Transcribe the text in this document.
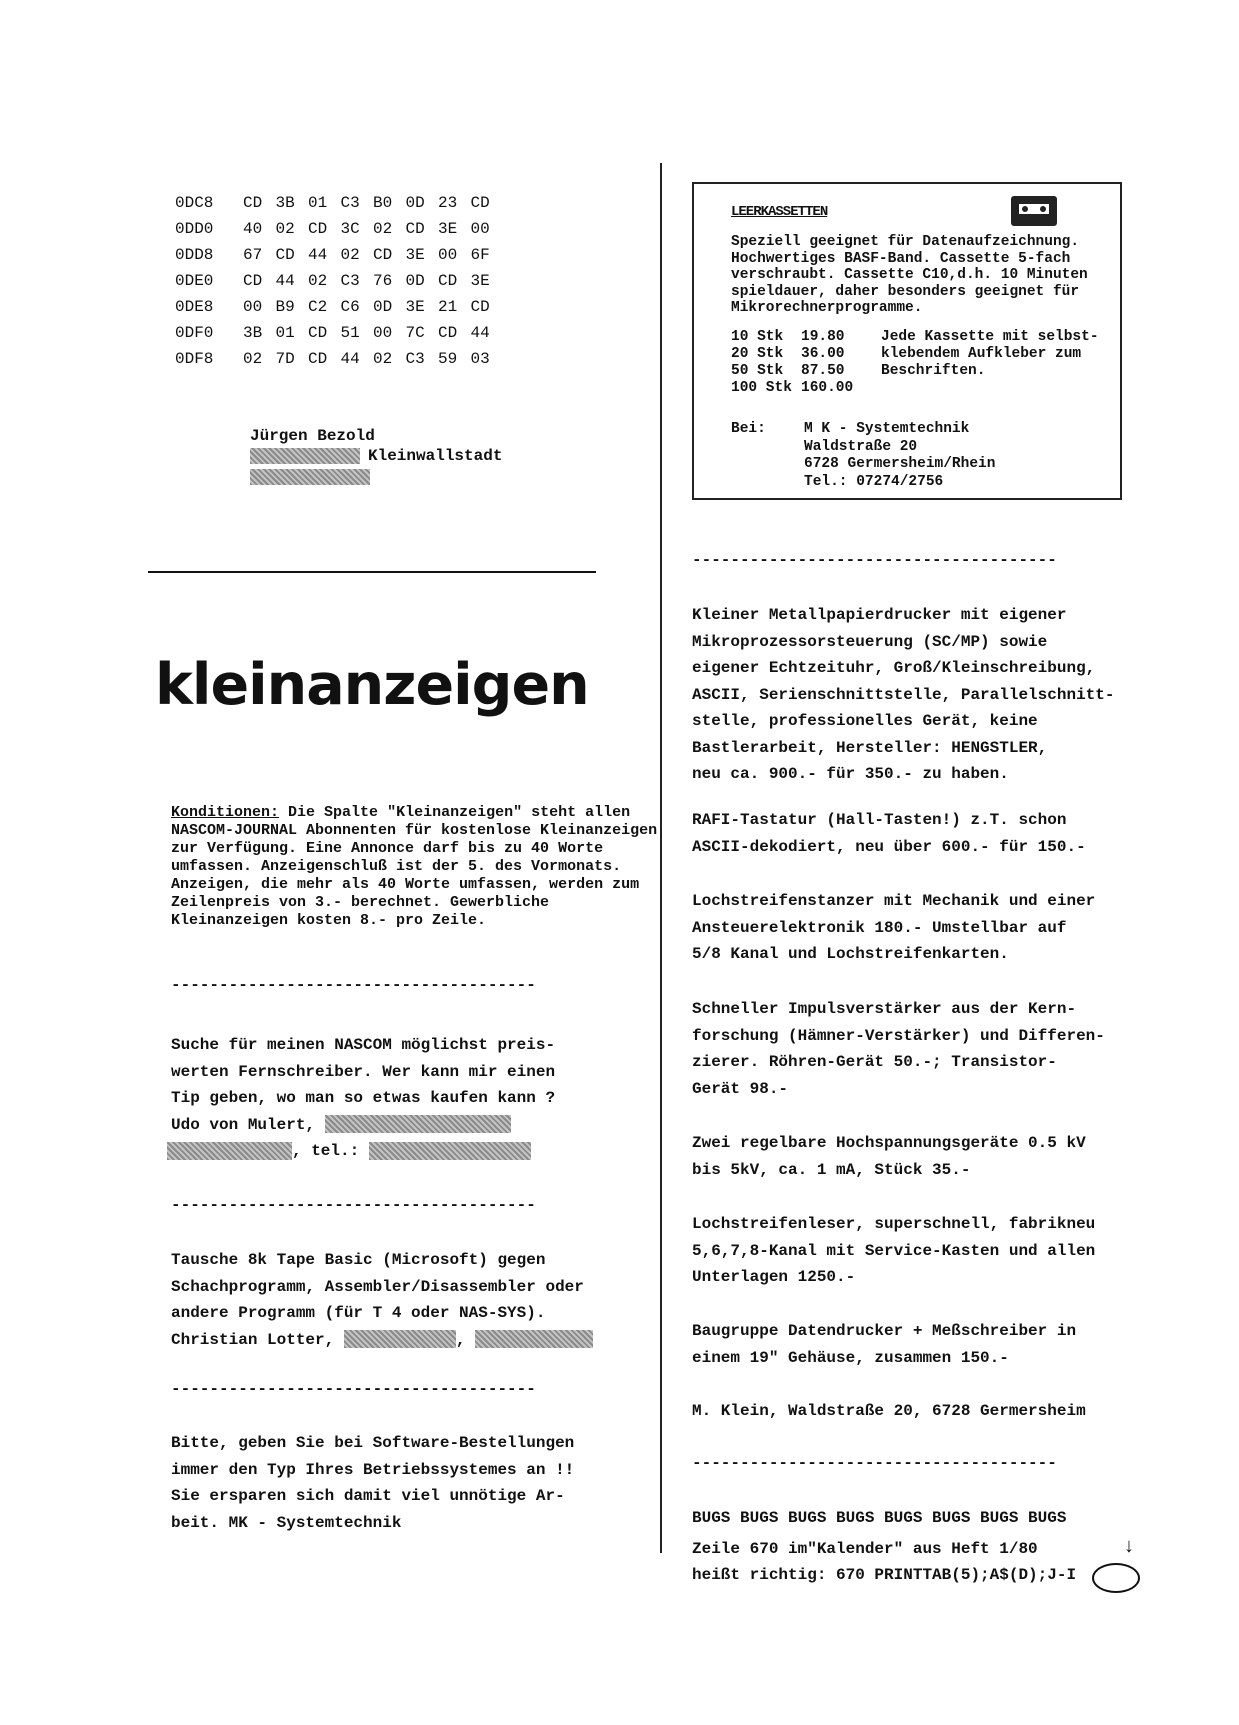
0DC8	CD 3B 01 C3 B0 0D 23 CD
0DD0	40 02 CD 3C 02 CD 3E 00
0DD8	67 CD 44 02 CD 3E 00 6F
0DE0	CD 44 02 C3 76 0D CD 3E
0DE8	00 B9 C2 C6 0D 3E 21 CD
0DF0	3B 01 CD 51 00 7C CD 44
0DF8	02 7D CD 44 02 C3 59 03
Jürgen Bezold
Kleinwallstadt
kleinanzeigen
Konditionen: Die Spalte "Kleinanzeigen" steht allen NASCOM-JOURNAL Abonnenten für kostenlose Kleinanzeigen zur Verfügung. Eine Annonce darf bis zu 40 Worte umfassen. Anzeigenschluß ist der 5. des Vormonats. Anzeigen, die mehr als 40 Worte umfassen, werden zum Zeilenpreis von 3.- berechnet. Gewerbliche Kleinanzeigen kosten 8.- pro Zeile.
--------------------------------------
Suche für meinen NASCOM möglichst preis-
werten Fernschreiber. Wer kann mir einen
Tip geben, wo man so etwas kaufen kann ?
Udo von Mulert,
, tel.:
--------------------------------------
Tausche 8k Tape Basic (Microsoft) gegen
Schachprogramm, Assembler/Disassembler oder
andere Programm (für T 4 oder NAS-SYS).
Christian Lotter,	,
--------------------------------------
Bitte, geben Sie bei Software-Bestellungen
immer den Typ Ihres Betriebssystemes an !!
Sie ersparen sich damit viel unnötige Ar-
beit. MK - Systemtechnik
LEERKASSETTEN
Speziell geeignet für Datenaufzeichnung.
Hochwertiges BASF-Band. Cassette 5-fach
verschraubt. Cassette C10,d.h. 10 Minuten
spieldauer, daher besonders geeignet für
Mikrorechnerprogramme.
10 Stk	19.80	Jede Kassette mit selbst-
20 Stk	36.00	klebendem Aufkleber zum
50 Stk	87.50	Beschriften.
100 Stk 160.00
Bei:	M K - Systemtechnik
Waldstraße 20
6728 Germersheim/Rhein
Tel.: 07274/2756
--------------------------------------
Kleiner Metallpapierdrucker mit eigener
Mikroprozessorsteuerung (SC/MP) sowie
eigener Echtzeituhr, Groß/Kleinschreibung,
ASCII, Serienschnittstelle, Parallelschnitt-
stelle, professionelles Gerät, keine
Bastlerarbeit, Hersteller: HENGSTLER,
neu ca. 900.- für 350.- zu haben.
RAFI-Tastatur (Hall-Tasten!) z.T. schon
ASCII-dekodiert, neu über 600.- für 150.-
Lochstreifenstanzer mit Mechanik und einer
Ansteuerelektronik 180.- Umstellbar auf
5/8 Kanal und Lochstreifenkarten.
Schneller Impulsverstärker aus der Kern-
forschung (Hämner-Verstärker) und Differen-
zierer. Röhren-Gerät 50.-; Transistor-
Gerät 98.-
Zwei regelbare Hochspannungsgeräte 0.5 kV
bis 5kV, ca. 1 mA, Stück 35.-
Lochstreifenleser, superschnell, fabrikneu
5,6,7,8-Kanal mit Service-Kasten und allen
Unterlagen 1250.-
Baugruppe Datendrucker + Meßschreiber in
einem 19" Gehäuse, zusammen 150.-
M. Klein, Waldstraße 20, 6728 Germersheim
--------------------------------------
BUGS BUGS BUGS BUGS BUGS BUGS BUGS BUGS
Zeile 670 im"Kalender" aus Heft 1/80
heißt richtig: 670 PRINTTAB(5);A$(D);J-I
↓
